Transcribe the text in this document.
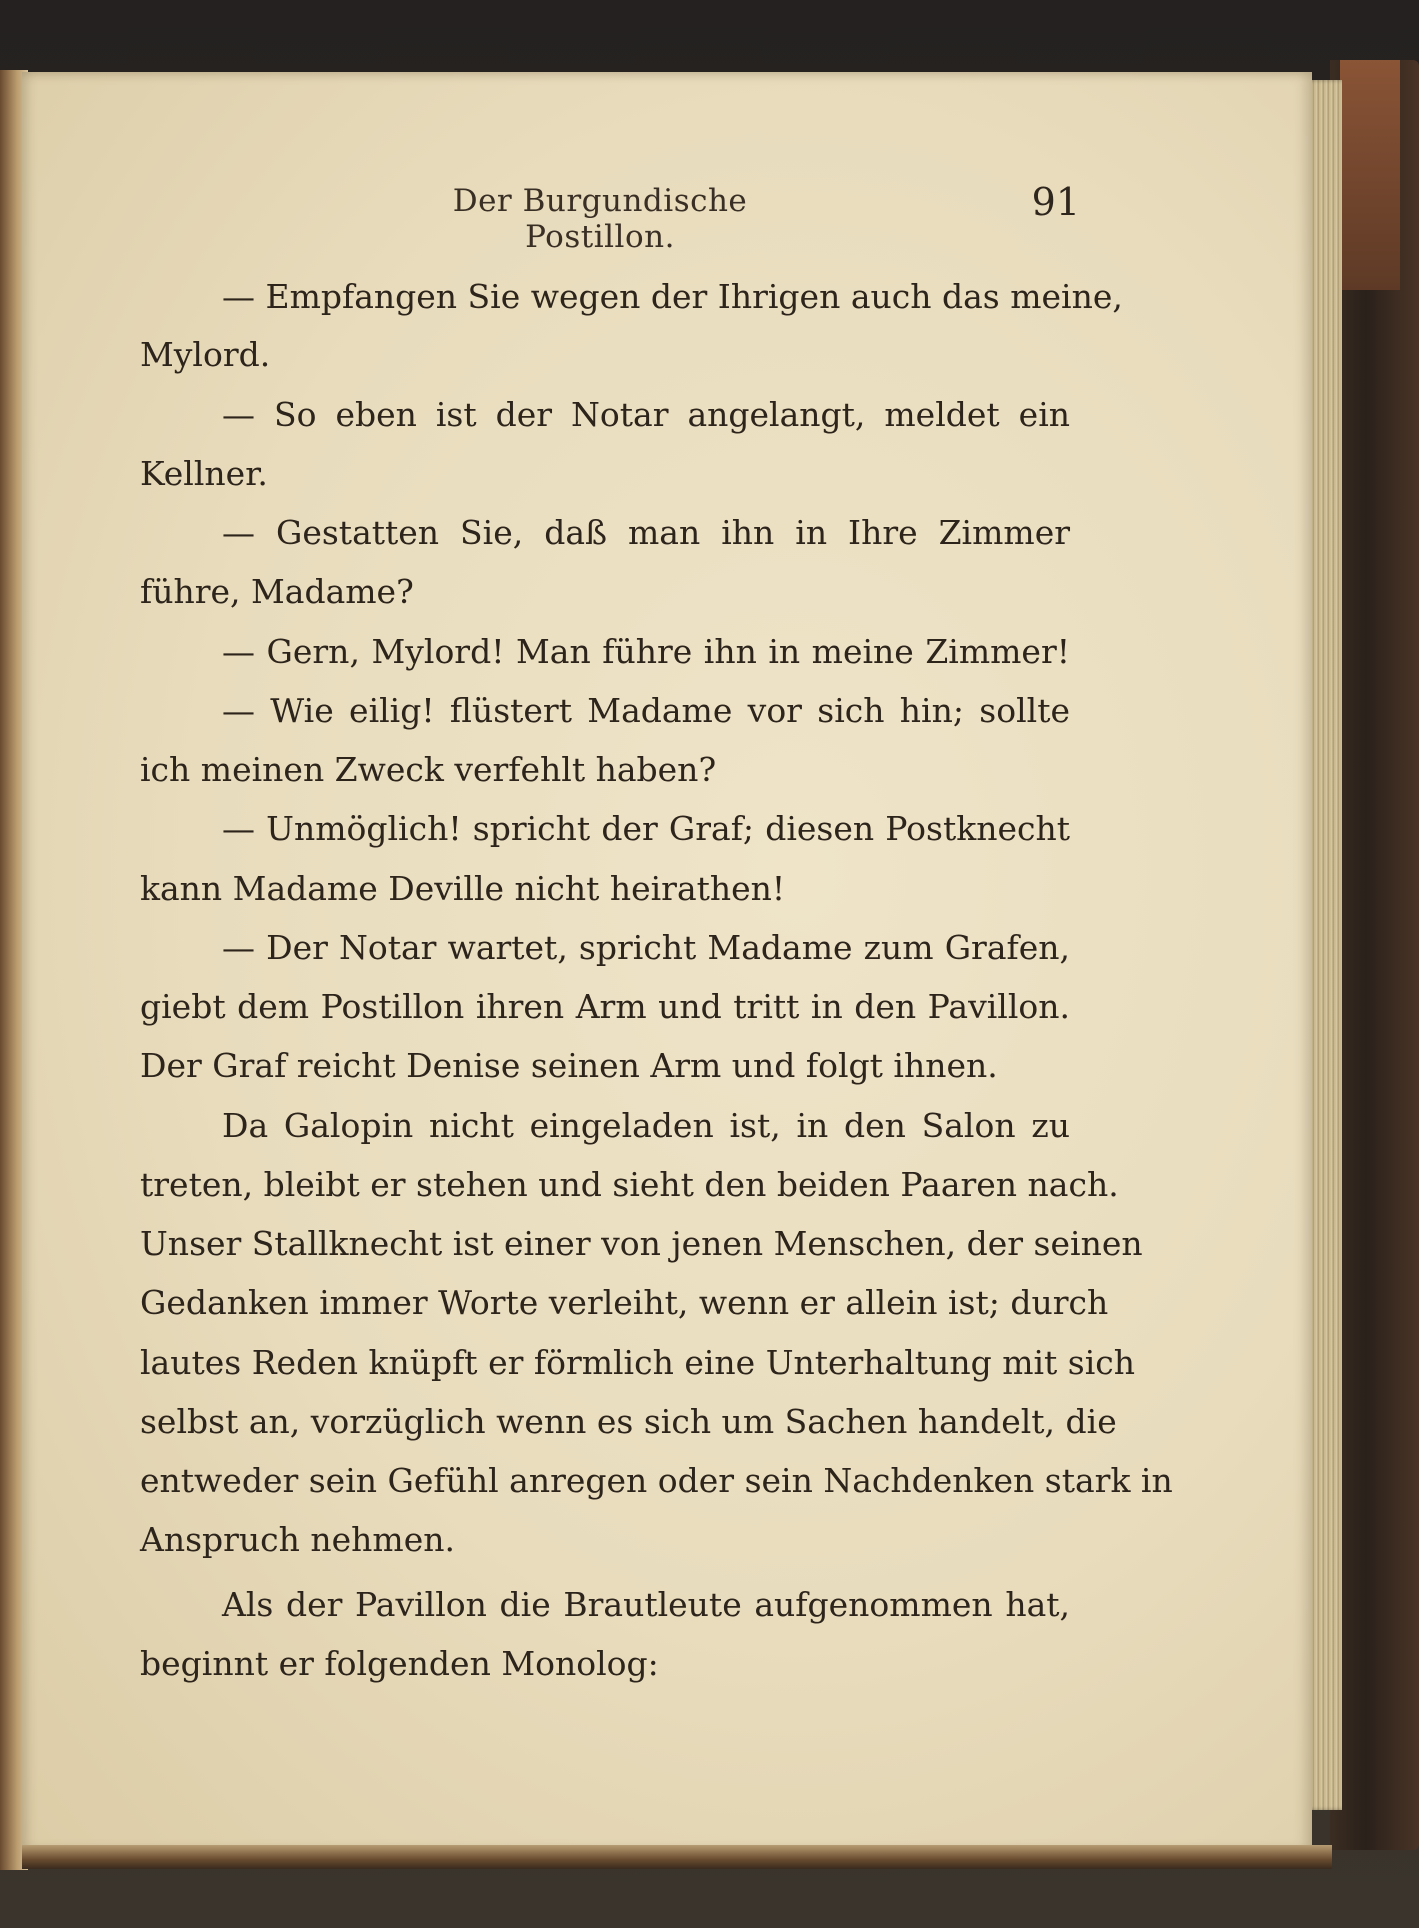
Der Burgundische Postillon.
91
— Empfangen Sie wegen der Ihrigen auch das meine,
Mylord.
— So eben ist der Notar angelangt, meldet ein
Kellner.
— Gestatten Sie, daß man ihn in Ihre Zimmer
führe, Madame?
— Gern, Mylord! Man führe ihn in meine Zimmer!
— Wie eilig! flüstert Madame vor sich hin; sollte
ich meinen Zweck verfehlt haben?
— Unmöglich! spricht der Graf; diesen Postknecht
kann Madame Deville nicht heirathen!
— Der Notar wartet, spricht Madame zum Grafen,
giebt dem Postillon ihren Arm und tritt in den Pavillon.
Der Graf reicht Denise seinen Arm und folgt ihnen.
Da Galopin nicht eingeladen ist, in den Salon zu
treten, bleibt er stehen und sieht den beiden Paaren nach.
Unser Stallknecht ist einer von jenen Menschen, der seinen
Gedanken immer Worte verleiht, wenn er allein ist; durch
lautes Reden knüpft er förmlich eine Unterhaltung mit sich
selbst an, vorzüglich wenn es sich um Sachen handelt, die
entweder sein Gefühl anregen oder sein Nachdenken stark in
Anspruch nehmen.
Als der Pavillon die Brautleute aufgenommen hat,
beginnt er folgenden Monolog:
